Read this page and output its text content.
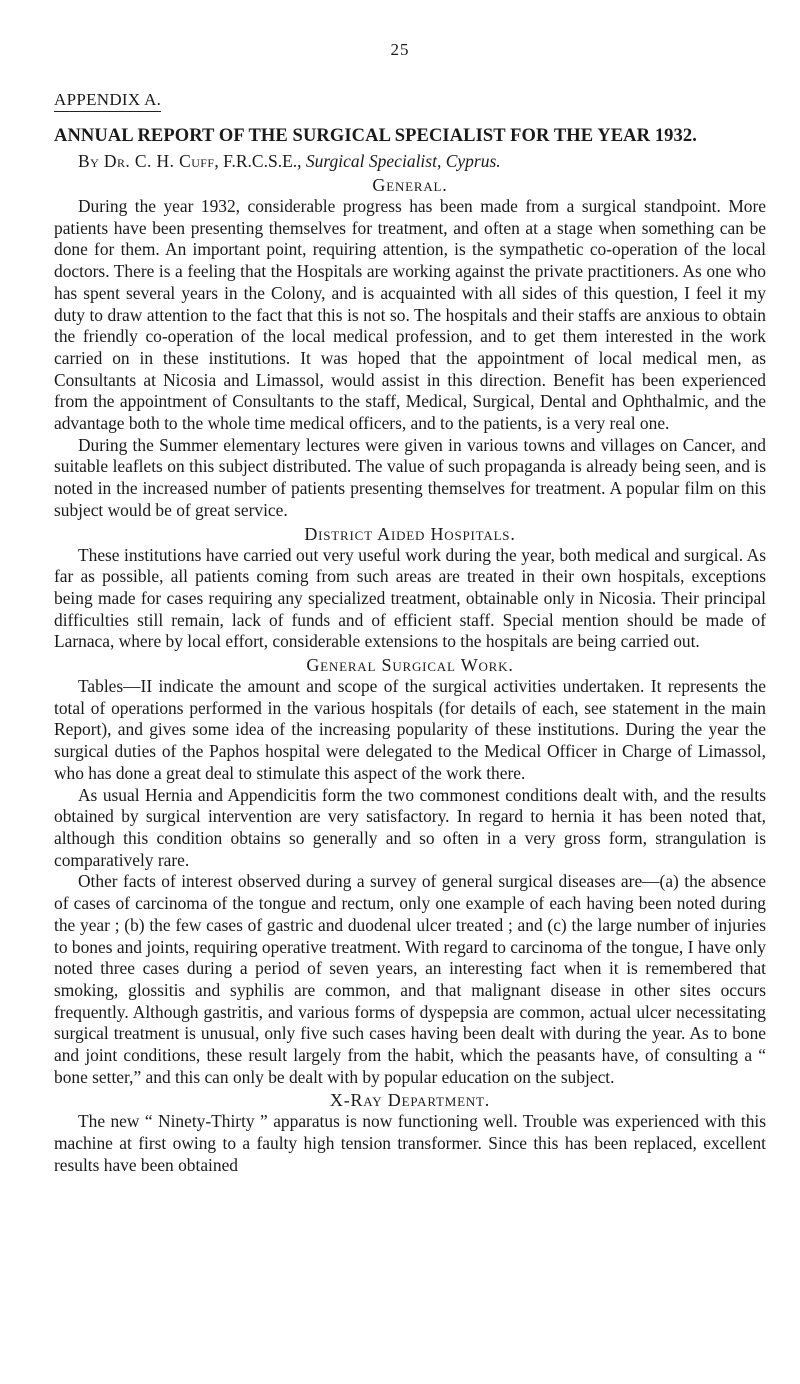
25
APPENDIX A.
ANNUAL REPORT OF THE SURGICAL SPECIALIST FOR THE YEAR 1932.
By Dr. C. H. Cuff, F.R.C.S.E., Surgical Specialist, Cyprus.
General.

During the year 1932, considerable progress has been made from a surgical standpoint. More patients have been presenting themselves for treatment, and often at a stage when something can be done for them. An important point, requiring attention, is the sympathetic co-operation of the local doctors. There is a feeling that the Hospitals are working against the private practitioners. As one who has spent several years in the Colony, and is acquainted with all sides of this question, I feel it my duty to draw attention to the fact that this is not so. The hospitals and their staffs are anxious to obtain the friendly co-operation of the local medical profession, and to get them interested in the work carried on in these institutions. It was hoped that the appointment of local medical men, as Consultants at Nicosia and Limassol, would assist in this direction. Benefit has been experienced from the appointment of Consultants to the staff, Medical, Surgical, Dental and Ophthalmic, and the advantage both to the whole time medical officers, and to the patients, is a very real one.

During the Summer elementary lectures were given in various towns and villages on Cancer, and suitable leaflets on this subject distributed. The value of such propaganda is already being seen, and is noted in the increased number of patients presenting themselves for treatment. A popular film on this subject would be of great service.

District Aided Hospitals.

These institutions have carried out very useful work during the year, both medical and surgical. As far as possible, all patients coming from such areas are treated in their own hospitals, exceptions being made for cases requiring any specialized treatment, obtainable only in Nicosia. Their principal difficulties still remain, lack of funds and of efficient staff. Special mention should be made of Larnaca, where by local effort, considerable extensions to the hospitals are being carried out.

General Surgical Work.

Tables—II indicate the amount and scope of the surgical activities undertaken. It represents the total of operations performed in the various hospitals (for details of each, see statement in the main Report), and gives some idea of the increasing popularity of these institutions. During the year the surgical duties of the Paphos hospital were delegated to the Medical Officer in Charge of Limassol, who has done a great deal to stimulate this aspect of the work there.

As usual Hernia and Appendicitis form the two commonest conditions dealt with, and the results obtained by surgical intervention are very satisfactory. In regard to hernia it has been noted that, although this condition obtains so generally and so often in a very gross form, strangulation is comparatively rare.

Other facts of interest observed during a survey of general surgical diseases are—(a) the absence of cases of carcinoma of the tongue and rectum, only one example of each having been noted during the year ; (b) the few cases of gastric and duodenal ulcer treated ; and (c) the large number of injuries to bones and joints, requiring operative treatment. With regard to carcinoma of the tongue, I have only noted three cases during a period of seven years, an interesting fact when it is remembered that smoking, glossitis and syphilis are common, and that malignant disease in other sites occurs frequently. Although gastritis, and various forms of dyspepsia are common, actual ulcer necessitating surgical treatment is unusual, only five such cases having been dealt with during the year. As to bone and joint conditions, these result largely from the habit, which the peasants have, of consulting a “ bone setter,” and this can only be dealt with by popular education on the subject.

X-Ray Department.

The new “ Ninety-Thirty ” apparatus is now functioning well. Trouble was experienced with this machine at first owing to a faulty high tension transformer. Since this has been replaced, excellent results have been obtained
